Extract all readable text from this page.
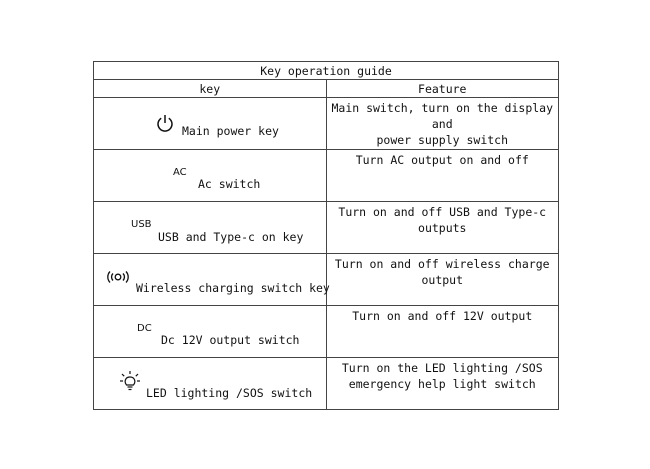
Key operation guide	
key	Feature

Main power key	Main switch, turn on the display and
power supply switch

AC
Ac switch	Turn AC output on and off

USB
USB and Type-c on key	Turn on and off USB and Type-c
outputs

Wireless charging switch key	Turn on and off wireless charge
output

DC
Dc 12V output switch	Turn on and off 12V output

LED lighting /SOS switch	Turn on the LED lighting /SOS
emergency help light switch
